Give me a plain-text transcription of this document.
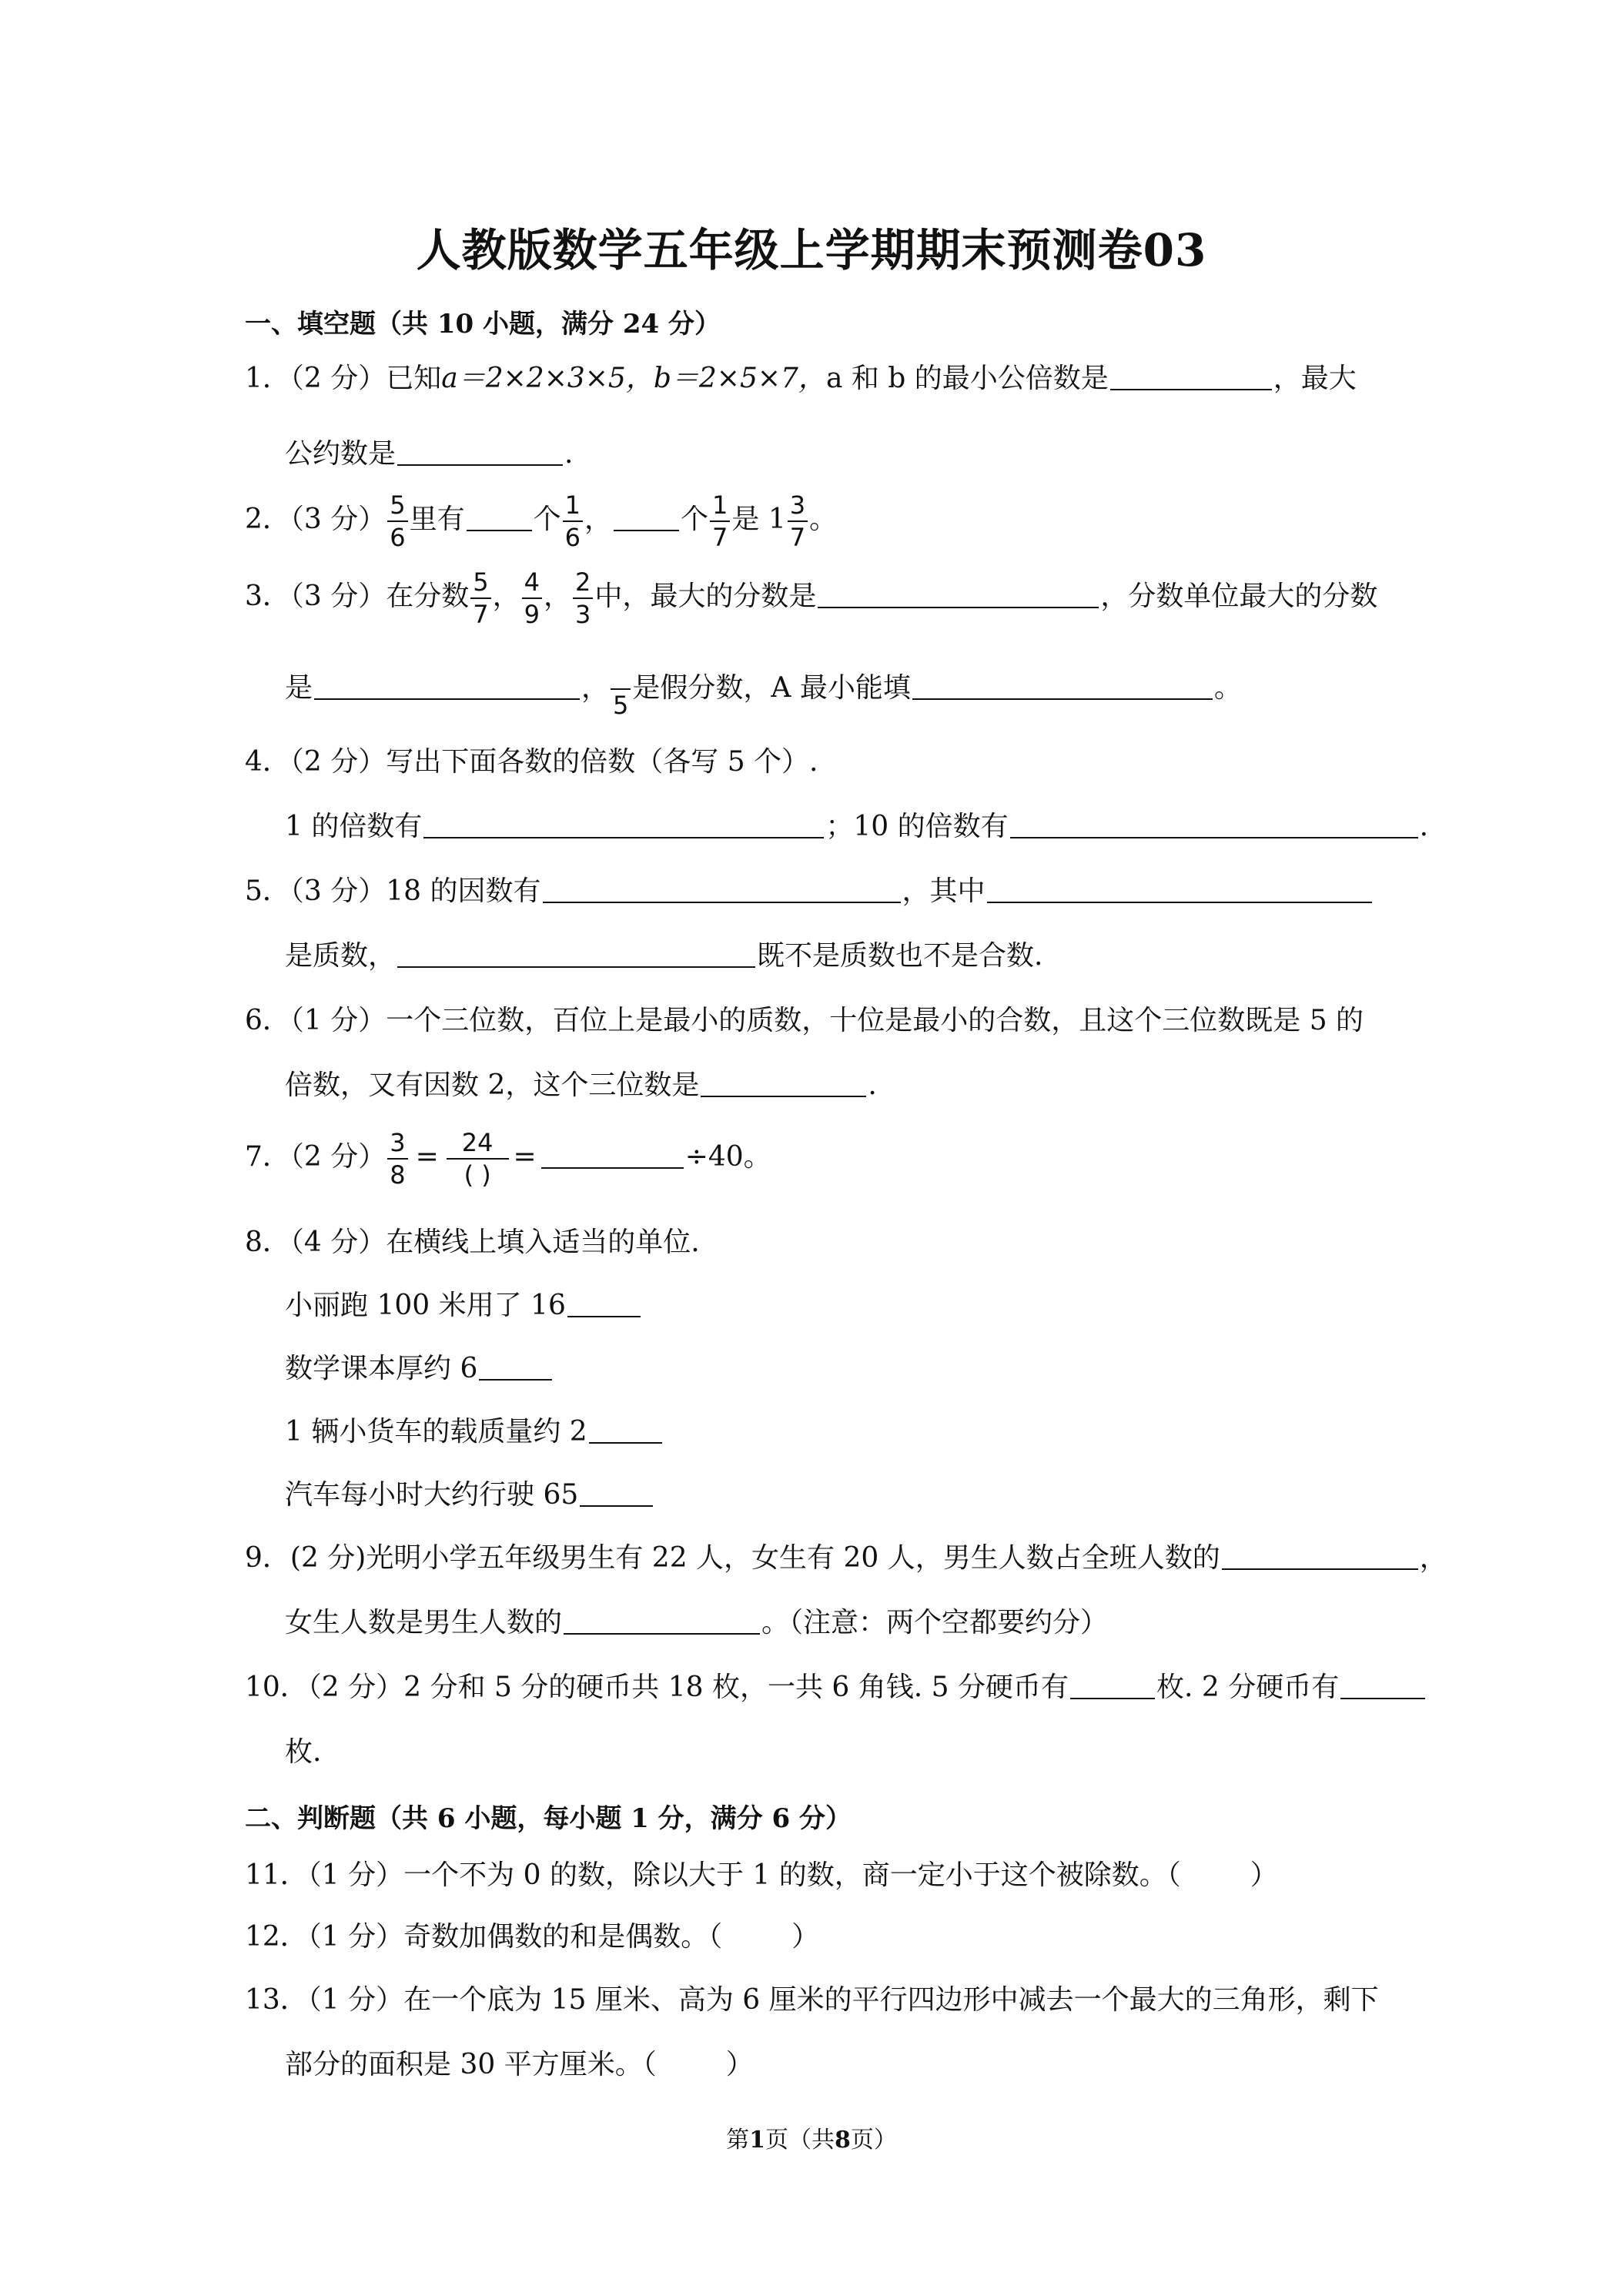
人教版数学五年级上学期期末预测卷03
一、填空题（共 10 小题，满分 24 分）
1．（2 分）已知a＝2×2×3×5，b＝2×5×7，a 和 b 的最小公倍数是	，最大
公约数是	.
2．（3 分） $\frac{5}{6}$ 里有 个 $\frac{1}{6}$ ， 个 $\frac{1}{7}$ 是 $1 \frac{3}{7}$ 。
3．（3 分）在分数 $\frac{5}{7}$ ， $\frac{4}{9}$ ， $\frac{2}{3}$ 中，最大的分数是	，分数单位最大的分数
是	，
5
是假分数，A 最小能填	。
4．（2 分）写出下面各数的倍数（各写 5 个）.
1 的倍数有	；10 的倍数有	.
5．（3 分）18 的因数有	，其中
是质数，	既不是质数也不是合数.
6．（1 分）一个三位数，百位上是最小的质数，十位是最小的合数，且这个三位数既是 5 的
倍数，又有因数 2，这个三位数是	.
7．（2 分） $\frac{3}{8} = \frac{24}{( )}$ =	÷40。
8．（4 分）在横线上填入适当的单位.
小丽跑 100 米用了 16
数学课本厚约 6
1 辆小货车的载质量约 2
汽车每小时大约行驶 65
9．(2 分)光明小学五年级男生有 22 人，女生有 20 人，男生人数占全班人数的	，
女生人数是男生人数的	。（注意：两个空都要约分）
10．（2 分）2 分和 5 分的硬币共 18 枚，一共 6 角钱. 5 分硬币有	枚. 2 分硬币有
枚.
二、判断题（共 6 小题，每小题 1 分，满分 6 分）
11．（1 分）一个不为 0 的数，除以大于 1 的数，商一定小于这个被除数。（	）
12．（1 分）奇数加偶数的和是偶数。（	）
13．（1 分）在一个底为 15 厘米、高为 6 厘米的平行四边形中减去一个最大的三角形，剩下
部分的面积是 30 平方厘米。（	）
第1页（共8页）
